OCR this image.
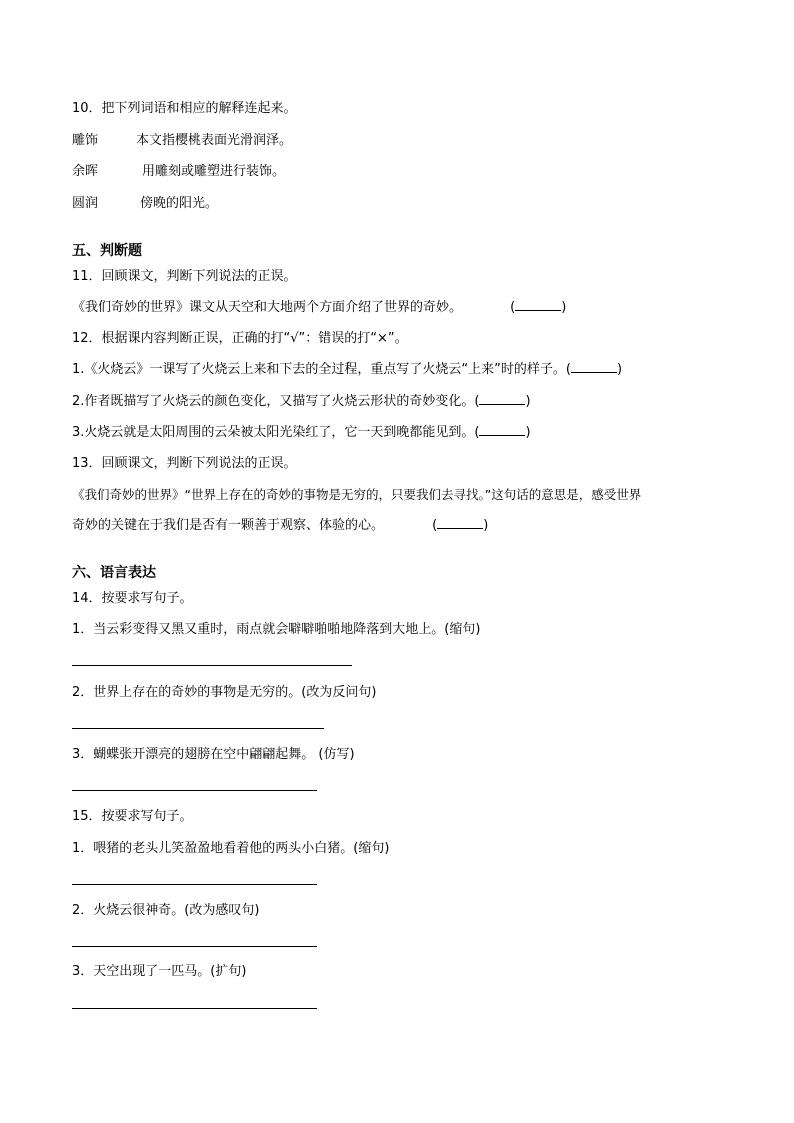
10．把下列词语和相应的解释连起来。
雕饰	本文指樱桃表面光滑润泽。
余晖	用雕刻或雕塑进行装饰。
圆润	傍晚的阳光。
五、判断题
11．回顾课文，判断下列说法的正误。
《我们奇妙的世界》课文从天空和大地两个方面介绍了世界的奇妙。	(	)
12．根据课内容判断正误，正确的打“√”：错误的打“×”。
1.《火烧云》一课写了火烧云上来和下去的全过程，重点写了火烧云“上来”时的样子。(	)
2.作者既描写了火烧云的颜色变化，又描写了火烧云形状的奇妙变化。(	)
3.火烧云就是太阳周围的云朵被太阳光染红了，它一天到晚都能见到。(	)
13．回顾课文，判断下列说法的正误。
《我们奇妙的世界》“世界上存在的奇妙的事物是无穷的，只要我们去寻找。”这句话的意思是，感受世界
奇妙的关键在于我们是否有一颗善于观察、体验的心。	(	)
六、语言表达
14．按要求写句子。
1．当云彩变得又黑又重时，雨点就会噼噼啪啪地降落到大地上。(缩句)
2．世界上存在的奇妙的事物是无穷的。(改为反问句)
3．蝴蝶张开漂亮的翅膀在空中翩翩起舞。 (仿写)
15．按要求写句子。
1．喂猪的老头儿笑盈盈地看着他的两头小白猪。(缩句)
2．火烧云很神奇。(改为感叹句)
3．天空出现了一匹马。(扩句)
